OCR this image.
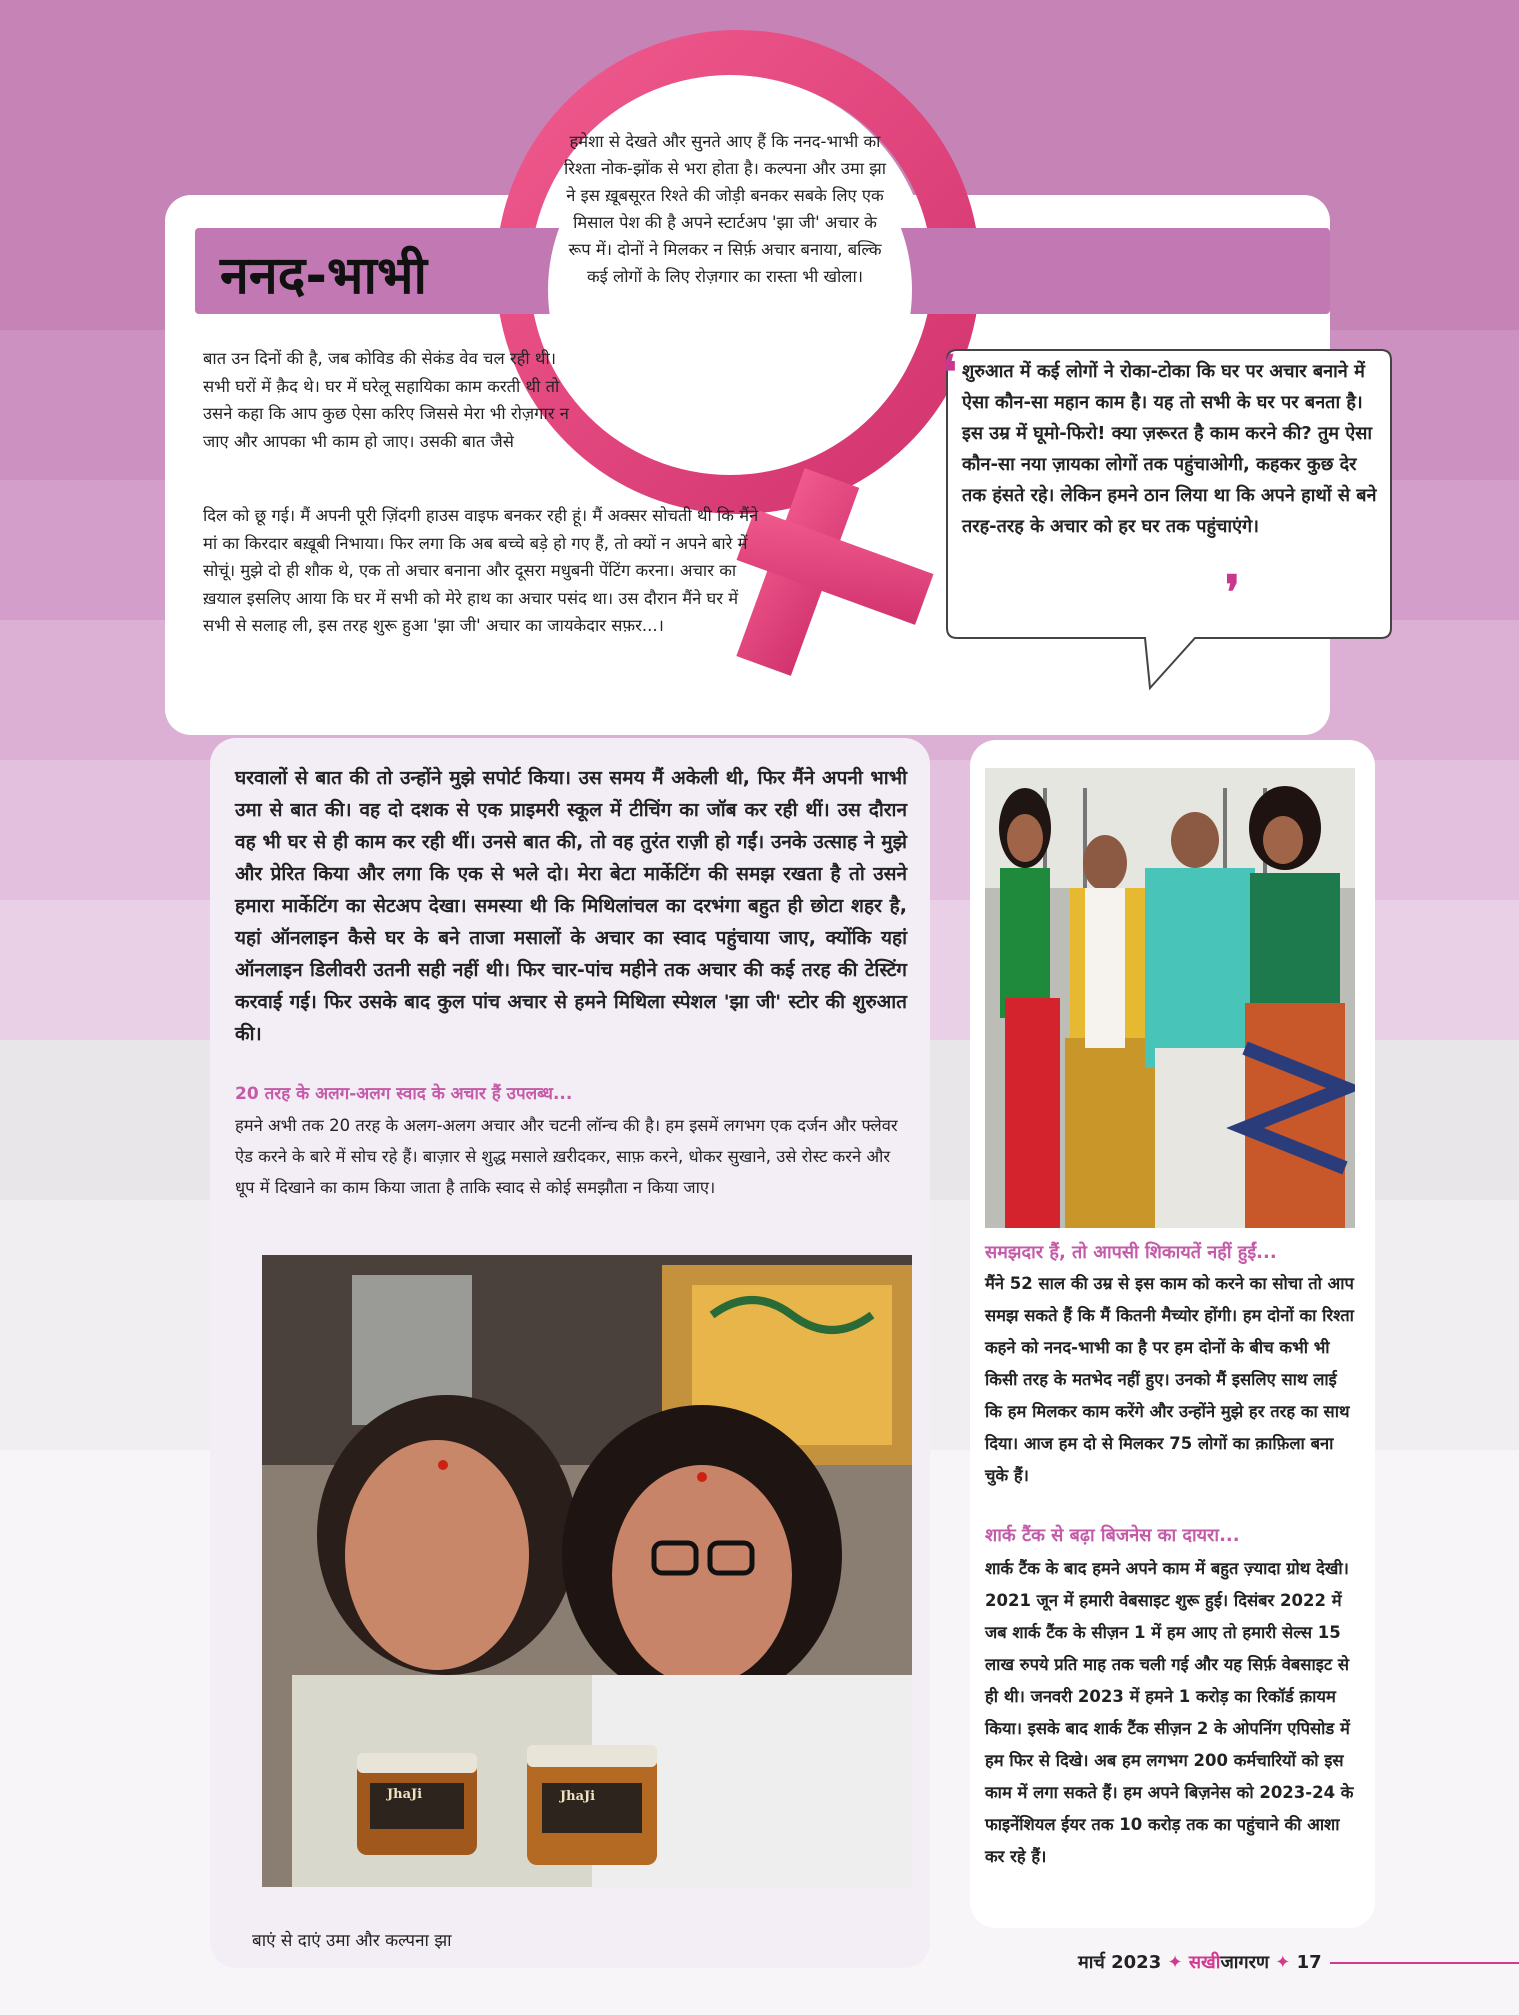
ननद-भाभी
हमेशा से देखते और सुनते आए हैं कि ननद-भाभी का रिश्ता नोक-झोंक से भरा होता है। कल्पना और उमा झा ने इस ख़ूबसूरत रिश्ते की जोड़ी बनकर सबके लिए एक मिसाल पेश की है अपने स्टार्टअप 'झा जी' अचार के रूप में। दोनों ने मिलकर न सिर्फ़ अचार बनाया, बल्कि कई लोगों के लिए रोज़गार का रास्ता भी खोला।

बात उन दिनों की है, जब कोविड की सेकंड वेव चल रही थी। सभी घरों में क़ैद थे। घर में घरेलू सहायिका काम करती थी तो उसने कहा कि आप कुछ ऐसा करिए जिससे मेरा भी रोज़गार न जाए और आपका भी काम हो जाए। उसकी बात जैसे

दिल को छू गई। मैं अपनी पूरी ज़िंदगी हाउस वाइफ बनकर रही हूं। मैं अक्सर सोचती थी कि मैंने मां का किरदार बख़ूबी निभाया। फिर लगा कि अब बच्चे बड़े हो गए हैं, तो क्यों न अपने बारे में सोचूं। मुझे दो ही शौक थे, एक तो अचार बनाना और दूसरा मधुबनी पेंटिंग करना। अचार का ख़याल इसलिए आया कि घर में सभी को मेरे हाथ का अचार पसंद था। उस दौरान मैंने घर में सभी से सलाह ली, इस तरह शुरू हुआ 'झा जी' अचार का जायकेदार सफ़र...।

❛ शुरुआत में कई लोगों ने रोका-टोका कि घर पर अचार बनाने में ऐसा कौन-सा महान काम है। यह तो सभी के घर पर बनता है। इस उम्र में घूमो-फिरो! क्या ज़रूरत है काम करने की? तुम ऐसा कौन-सा नया ज़ायका लोगों तक पहुंचाओगी, कहकर कुछ देर तक हंसते रहे। लेकिन हमने ठान लिया था कि अपने हाथों से बने तरह-तरह के अचार को हर घर तक पहुंचाएंगे।
❜
घरवालों से बात की तो उन्होंने मुझे सपोर्ट किया। उस समय मैं अकेली थी, फिर मैंने अपनी भाभी उमा से बात की। वह दो दशक से एक प्राइमरी स्कूल में टीचिंग का जॉब कर रही थीं। उस दौरान वह भी घर से ही काम कर रही थीं। उनसे बात की, तो वह तुरंत राज़ी हो गईं। उनके उत्साह ने मुझे और प्रेरित किया और लगा कि एक से भले दो। मेरा बेटा मार्केटिंग की समझ रखता है तो उसने हमारा मार्केटिंग का सेटअप देखा। समस्या थी कि मिथिलांचल का दरभंगा बहुत ही छोटा शहर है, यहां ऑनलाइन कैसे घर के बने ताजा मसालों के अचार का स्वाद पहुंचाया जाए, क्योंकि यहां ऑनलाइन डिलीवरी उतनी सही नहीं थी। फिर चार-पांच महीने तक अचार की कई तरह की टेस्टिंग करवाई गई। फिर उसके बाद कुल पांच अचार से हमने मिथिला स्पेशल 'झा जी' स्टोर की शुरुआत की।
20 तरह के अलग-अलग स्वाद के अचार हैं उपलब्ध...
हमने अभी तक 20 तरह के अलग-अलग अचार और चटनी लॉन्च की है। हम इसमें लगभग एक दर्जन और फ्लेवर ऐड करने के बारे में सोच रहे हैं। बाज़ार से शुद्ध मसाले ख़रीदकर, साफ़ करने, धोकर सुखाने, उसे रोस्ट करने और धूप में दिखाने का काम किया जाता है ताकि स्वाद से कोई समझौता न किया जाए।
JhaJi	JhaJi
बाएं से दाएं उमा और कल्पना झा
समझदार हैं, तो आपसी शिकायतें नहीं हुईं...
मैंने 52 साल की उम्र से इस काम को करने का सोचा तो आप समझ सकते हैं कि मैं कितनी मैच्योर होंगी। हम दोनों का रिश्ता कहने को ननद-भाभी का है पर हम दोनों के बीच कभी भी किसी तरह के मतभेद नहीं हुए। उनको मैं इसलिए साथ लाई कि हम मिलकर काम करेंगे और उन्होंने मुझे हर तरह का साथ दिया। आज हम दो से मिलकर 75 लोगों का क़ाफ़िला बना चुके हैं।
शार्क टैंक से बढ़ा बिजनेस का दायरा...
शार्क टैंक के बाद हमने अपने काम में बहुत ज़्यादा ग्रोथ देखी। 2021 जून में हमारी वेबसाइट शुरू हुई। दिसंबर 2022 में जब शार्क टैंक के सीज़न 1 में हम आए तो हमारी सेल्स 15 लाख रुपये प्रति माह तक चली गई और यह सिर्फ़ वेबसाइट से ही थी। जनवरी 2023 में हमने 1 करोड़ का रिकॉर्ड क़ायम किया। इसके बाद शार्क टैंक सीज़न 2 के ओपनिंग एपिसोड में हम फिर से दिखे। अब हम लगभग 200 कर्मचारियों को इस काम में लगा सकते हैं। हम अपने बिज़नेस को 2023-24 के फाइनेंशियल ईयर तक 10 करोड़ तक का पहुंचाने की आशा कर रहे हैं।
मार्च 2023 ✦ सखीजागरण ✦ 17
